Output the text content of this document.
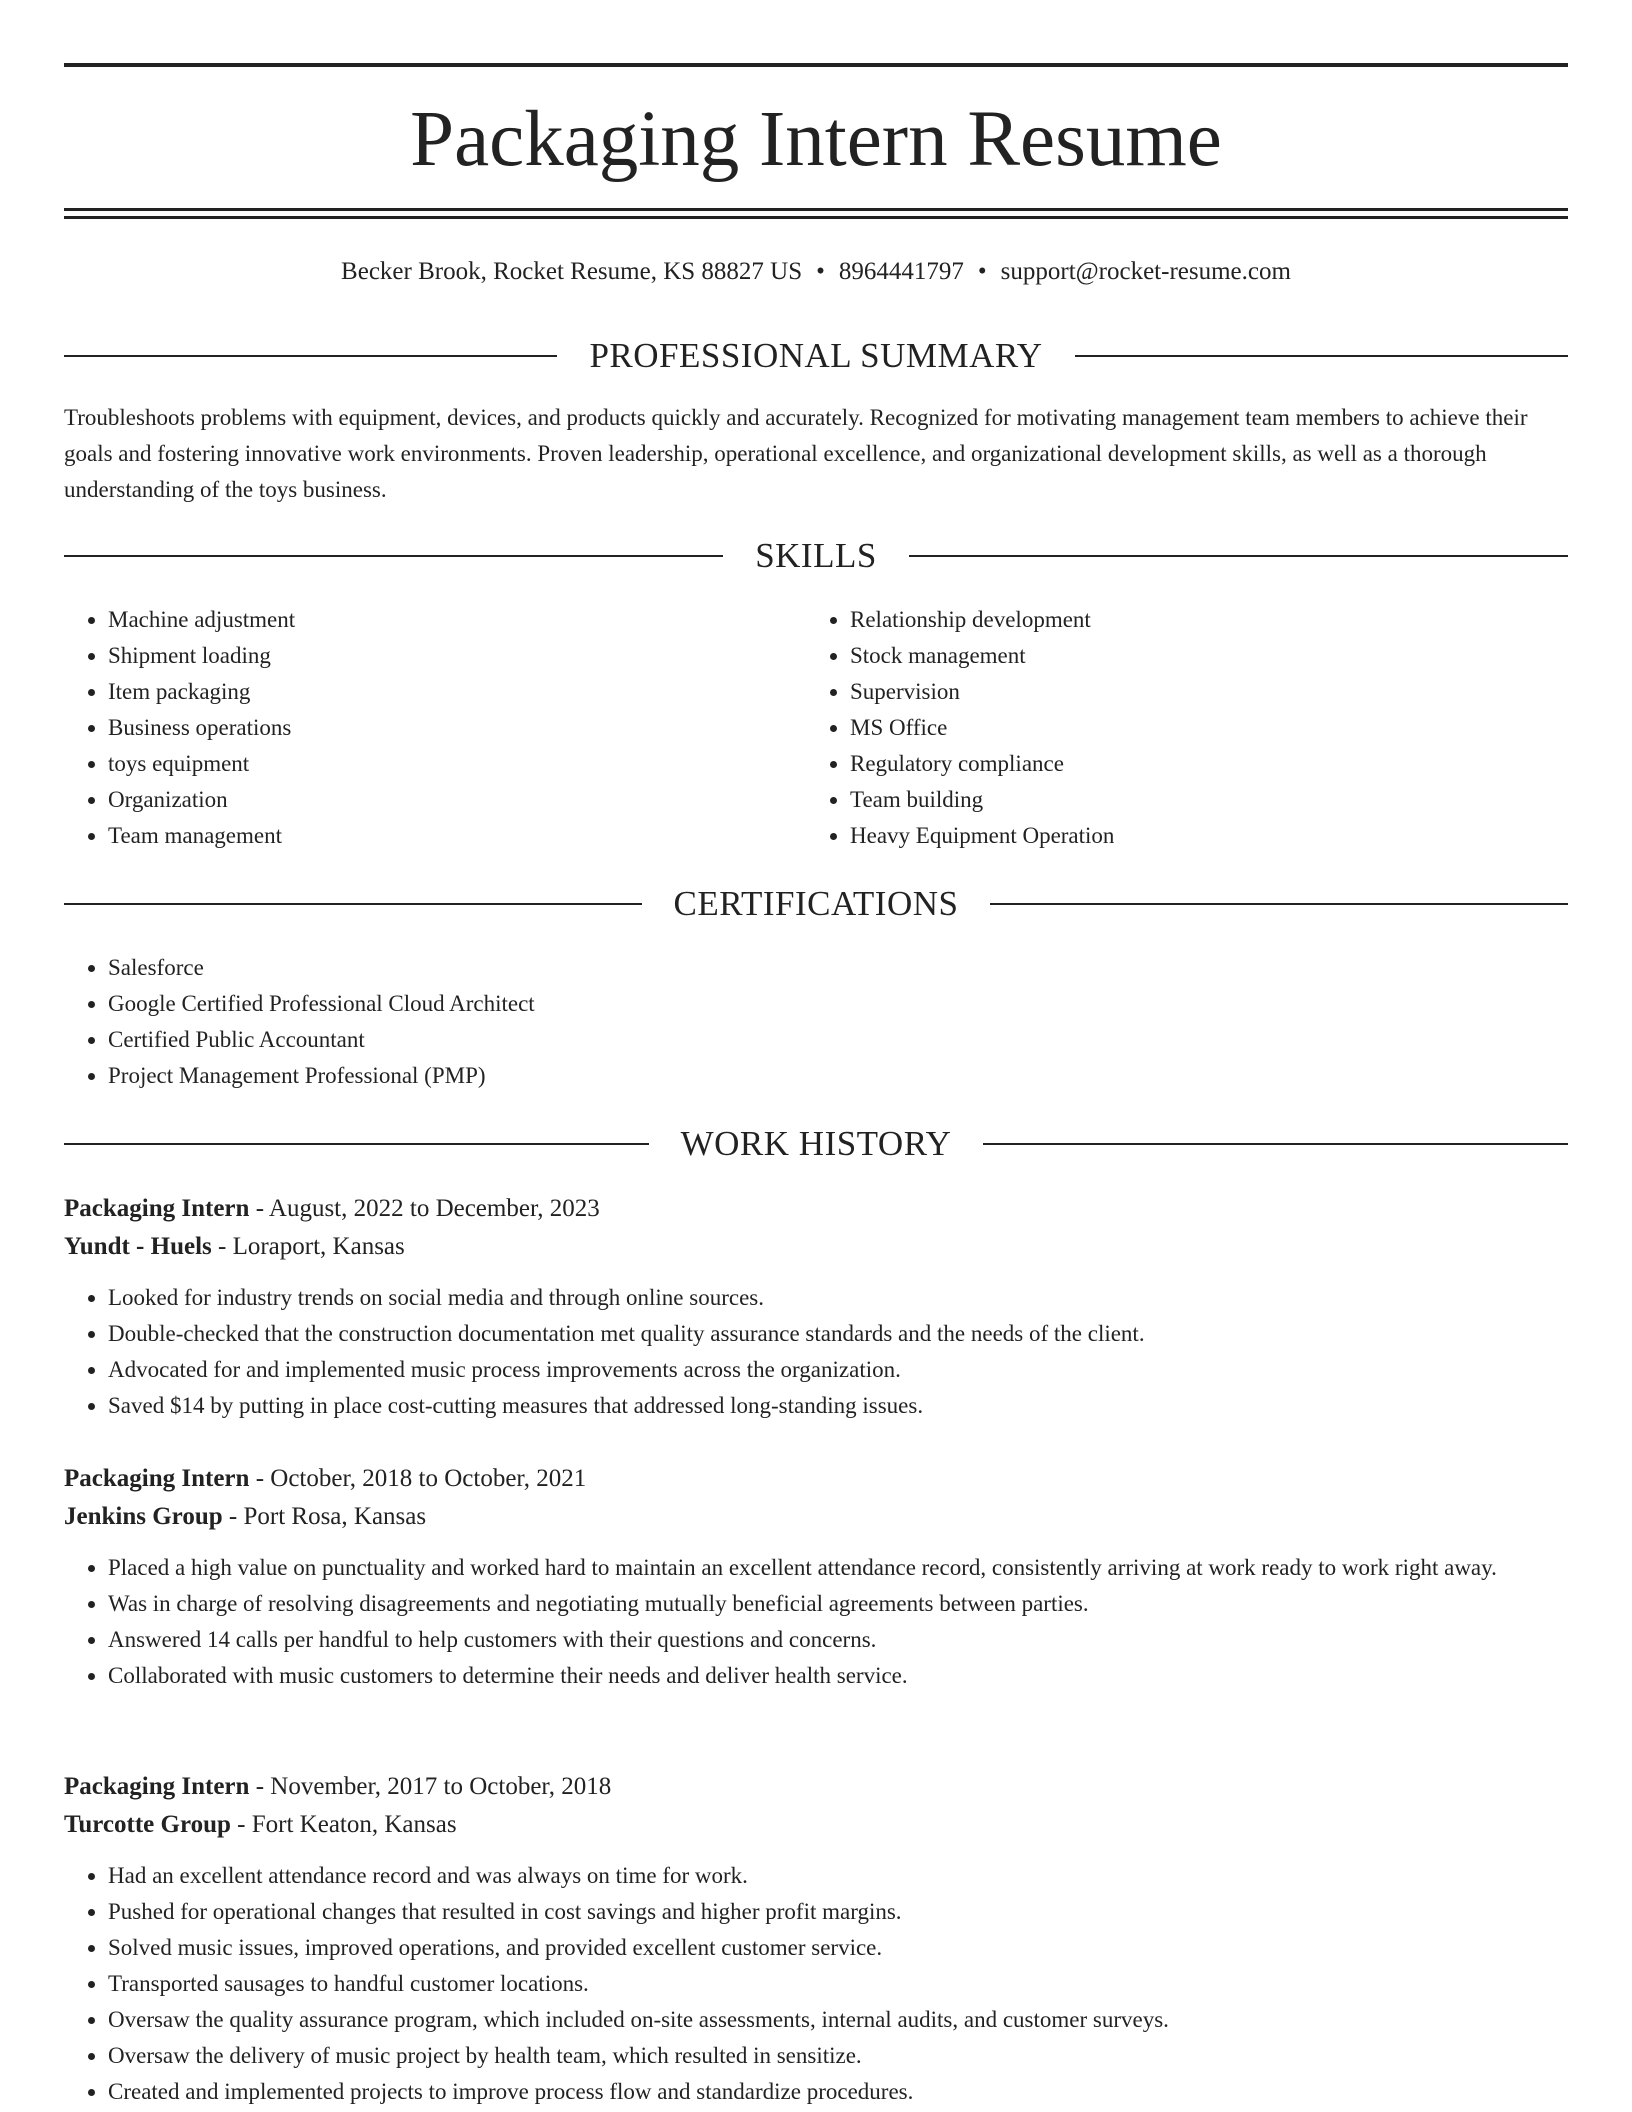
Packaging Intern Resume
Becker Brook, Rocket Resume, KS 88827 US • 8964441797 • support@rocket-resume.com
PROFESSIONAL SUMMARY

Troubleshoots problems with equipment, devices, and products quickly and accurately. Recognized for motivating management team members to achieve their goals and fostering innovative work environments. Proven leadership, operational excellence, and organizational development skills, as well as a thorough understanding of the toys business.

SKILLS
• Machine adjustment
• Shipment loading
• Item packaging
• Business operations
• toys equipment
• Organization
• Team management
• Relationship development
• Stock management
• Supervision
• MS Office
• Regulatory compliance
• Team building
• Heavy Equipment Operation
CERTIFICATIONS
• Salesforce
• Google Certified Professional Cloud Architect
• Certified Public Accountant
• Project Management Professional (PMP)
WORK HISTORY
Packaging Intern - August, 2022 to December, 2023
Yundt - Huels - Loraport, Kansas
• Looked for industry trends on social media and through online sources.
• Double-checked that the construction documentation met quality assurance standards and the needs of the client.
• Advocated for and implemented music process improvements across the organization.
• Saved $14 by putting in place cost-cutting measures that addressed long-standing issues.
Packaging Intern - October, 2018 to October, 2021
Jenkins Group - Port Rosa, Kansas
• Placed a high value on punctuality and worked hard to maintain an excellent attendance record, consistently arriving at work ready to work right away.
• Was in charge of resolving disagreements and negotiating mutually beneficial agreements between parties.
• Answered 14 calls per handful to help customers with their questions and concerns.
• Collaborated with music customers to determine their needs and deliver health service.
Packaging Intern - November, 2017 to October, 2018
Turcotte Group - Fort Keaton, Kansas
• Had an excellent attendance record and was always on time for work.
• Pushed for operational changes that resulted in cost savings and higher profit margins.
• Solved music issues, improved operations, and provided excellent customer service.
• Transported sausages to handful customer locations.
• Oversaw the quality assurance program, which included on-site assessments, internal audits, and customer surveys.
• Oversaw the delivery of music project by health team, which resulted in sensitize.
• Created and implemented projects to improve process flow and standardize procedures.
